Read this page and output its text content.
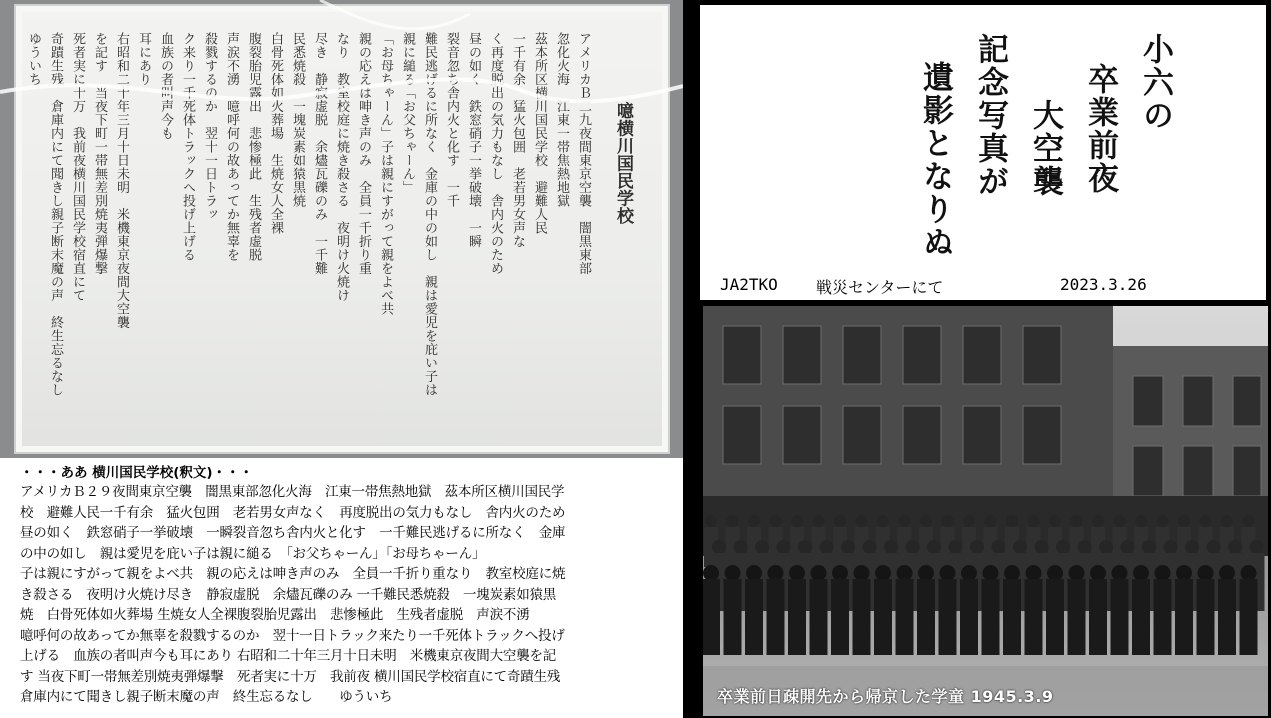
噫横川国民学校
アメリカＢ二九夜間東京空襲　闇黒東部
忽化火海　江東一帯焦熱地獄
茲本所区横川国民学校　避難人民
一千有余　猛火包囲　老若男女声な
く再度脱出の気力もなし　舎内火のため
昼の如く　鉄窓硝子一挙破壊　一瞬
裂音忽ち舎内火と化す　一千
難民逃げるに所なく　金庫の中の如し　親は愛児を庇い子は
親に縋る「お父ちゃーん」
「お母ちゃーん」子は親にすがって親をよべ共
親の応えは呻き声のみ　全員一千折り重
なり　教室校庭に焼き殺さる　夜明け火焼け
尽き　静寂虚脱　余燼瓦礫のみ　一千難
民悉焼殺　一塊炭素如猿黒焼
白骨死体如火葬場　生焼女人全裸
腹裂胎児露出　悲惨極此　生残者虚脱
声涙不湧　噫呼何の故あってか無辜を
殺戮するのか　翌十一日トラッ
ク来り一千死体トラックへ投げ上げる
血族の者叫声今も
耳にあり
右昭和二十年三月十日未明　米機東京夜間大空襲
を記す　当夜下町一帯無差別焼夷弾爆撃
死者実に十万　我前夜横川国民学校宿直にて
奇蹟生残　倉庫内にて聞きし親子断末魔の声　終生忘るなし
ゆういち
・・・ああ 横川国民学校(釈文)・・・
アメリカＢ２９夜間東京空襲　闇黒東部忽化火海　江東一帯焦熱地獄　茲本所区横川国民学
校　避難人民一千有余　猛火包囲　老若男女声なく　再度脱出の気力もなし　舎内火のため
昼の如く　鉄窓硝子一挙破壊　一瞬裂音忽ち舎内火と化す　一千難民逃げるに所なく　金庫
の中の如し　親は愛児を庇い子は親に縋る　「お父ちゃーん」「お母ちゃーん」
子は親にすがって親をよべ共　親の応えは呻き声のみ　全員一千折り重なり　教室校庭に焼
き殺さる　夜明け火焼け尽き　静寂虚脱　余燼瓦礫のみ 一千難民悉焼殺　一塊炭素如猿黒
焼　白骨死体如火葬場 生焼女人全裸腹裂胎児露出　悲惨極此　生残者虚脱　声涙不湧
噫呼何の故あってか無辜を殺戮するのか　翌十一日トラック来たり一千死体トラックへ投げ
上げる　血族の者叫声今も耳にあり 右昭和二十年三月十日未明　米機東京夜間大空襲を記
す 当夜下町一帯無差別焼夷弾爆撃　死者実に十万　我前夜 横川国民学校宿直にて奇蹟生残
倉庫内にて聞きし親子断末魔の声　終生忘るなし　　ゆういち
小六の
卒業前夜
大空襲
記念写真が
遺影となりぬ
JA2TKO 戦災センターにて	2023.3.26
卒業前日疎開先から帰京した学童 1945.3.9
